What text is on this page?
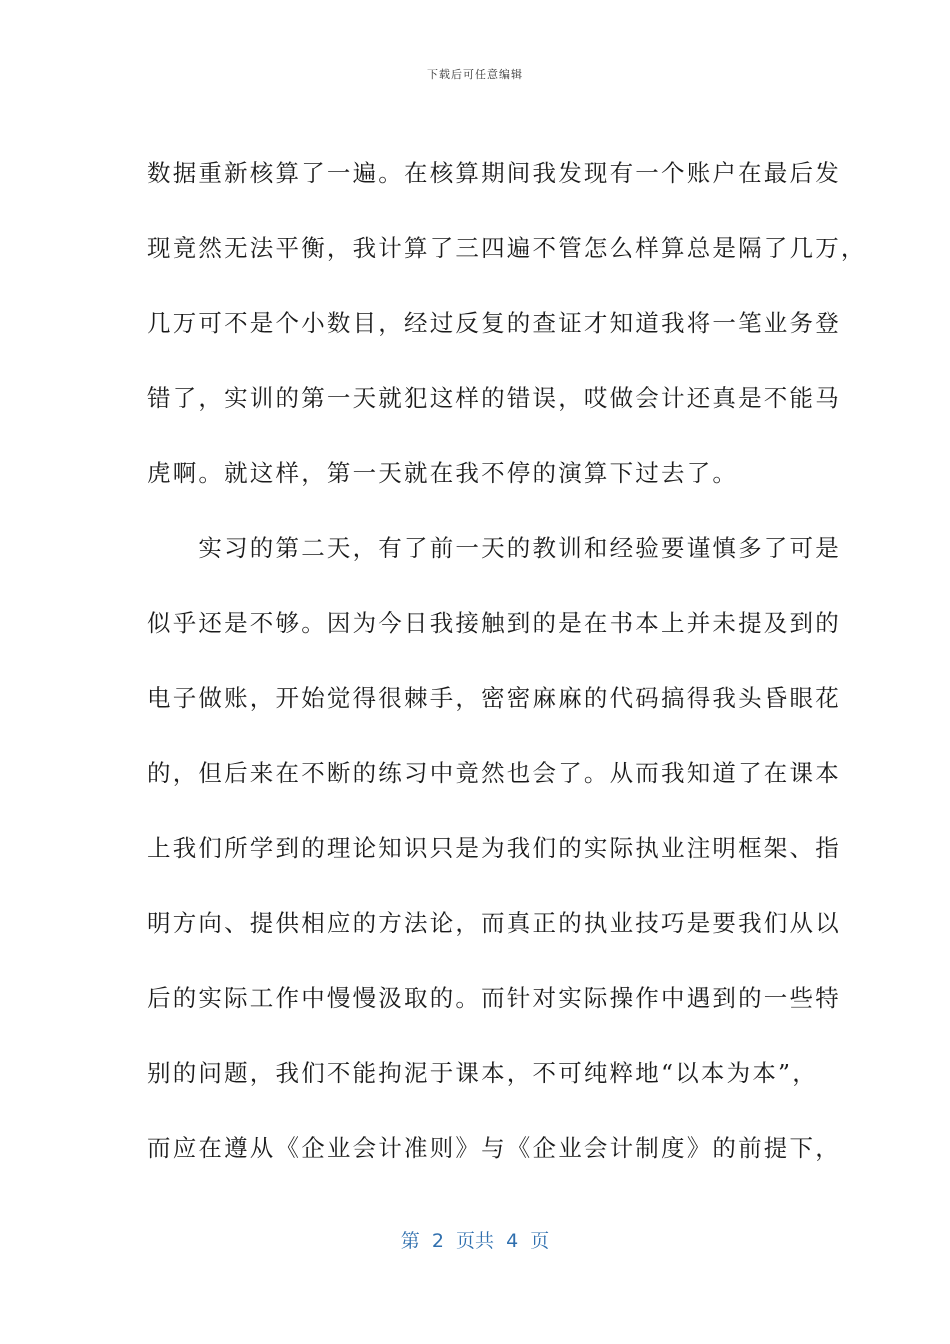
下载后可任意编辑
数据重新核算了一遍。在核算期间我发现有一个账户在最后发
现竟然无法平衡，我计算了三四遍不管怎么样算总是隔了几万，
几万可不是个小数目，经过反复的查证才知道我将一笔业务登
错了，实训的第一天就犯这样的错误，哎做会计还真是不能马
虎啊。就这样，第一天就在我不停的演算下过去了。
　　实习的第二天，有了前一天的教训和经验要谨慎多了可是
似乎还是不够。因为今日我接触到的是在书本上并未提及到的
电子做账，开始觉得很棘手，密密麻麻的代码搞得我头昏眼花
的，但后来在不断的练习中竟然也会了。从而我知道了在课本
上我们所学到的理论知识只是为我们的实际执业注明框架、指
明方向、提供相应的方法论，而真正的执业技巧是要我们从以
后的实际工作中慢慢汲取的。而针对实际操作中遇到的一些特
别的问题，我们不能拘泥于课本，不可纯粹地“以本为本”，
而应在遵从《企业会计准则》与《企业会计制度》的前提下，
第  2  页共  4  页
